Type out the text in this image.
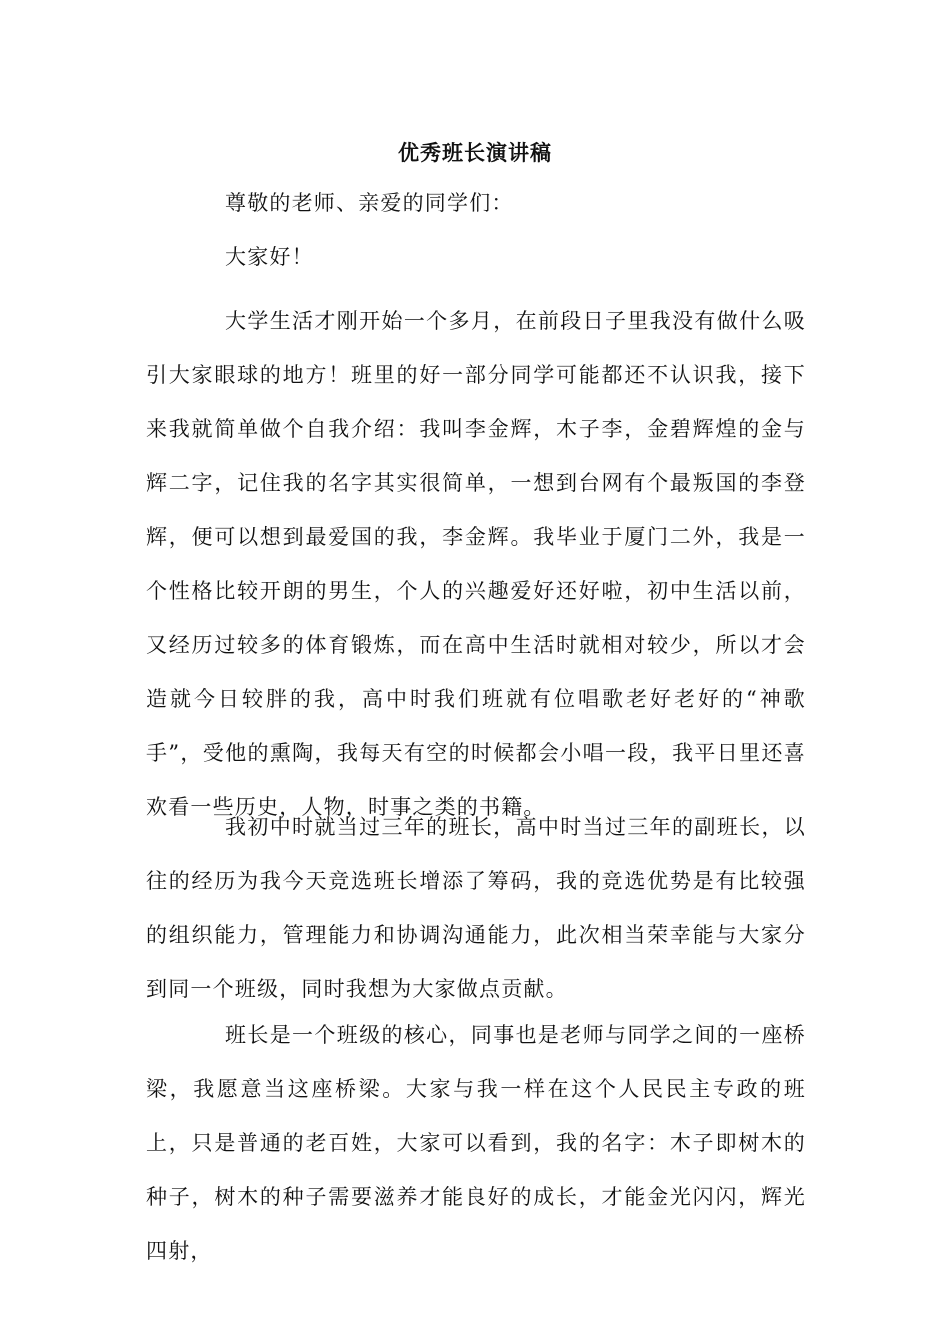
优秀班长演讲稿

尊敬的老师、亲爱的同学们：

大家好！

大学生活才刚开始一个多月，在前段日子里我没有做什么吸引大家眼球的地方！班里的好一部分同学可能都还不认识我，接下来我就简单做个自我介绍：我叫李金辉，木子李，金碧辉煌的金与辉二字，记住我的名字其实很简单，一想到台网有个最叛国的李登辉，便可以想到最爱国的我，李金辉。我毕业于厦门二外，我是一个性格比较开朗的男生，个人的兴趣爱好还好啦，初中生活以前，又经历过较多的体育锻炼，而在高中生活时就相对较少，所以才会造就今日较胖的我，高中时我们班就有位唱歌老好老好的“神歌手”，受他的熏陶，我每天有空的时候都会小唱一段，我平日里还喜欢看一些历史，人物，时事之类的书籍。

我初中时就当过三年的班长，高中时当过三年的副班长，以往的经历为我今天竞选班长增添了筹码，我的竞选优势是有比较强的组织能力，管理能力和协调沟通能力，此次相当荣幸能与大家分到同一个班级，同时我想为大家做点贡献。

班长是一个班级的核心，同事也是老师与同学之间的一座桥梁，我愿意当这座桥梁。大家与我一样在这个人民民主专政的班上，只是普通的老百姓，大家可以看到，我的名字：木子即树木的种子，树木的种子需要滋养才能良好的成长，才能金光闪闪，辉光四射，
